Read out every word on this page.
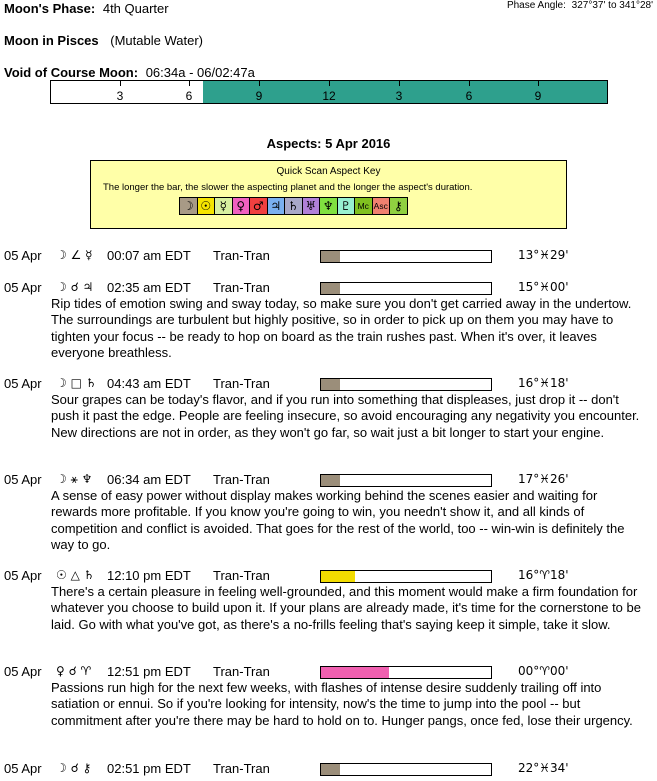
Moon's Phase: 4th Quarter	Phase Angle: 327°37' to 341°28'
Moon in Pisces (Mutable Water)
Void of Course Moon: 06:34a - 06/02:47a
3	6	9	12	3	6	9
Aspects: 5 Apr 2016
Quick Scan Aspect Key
The longer the bar, the slower the aspecting planet and the longer the aspect's duration.
☽ ☉ ☿ ♀ ♂ ♃ ♄ ♅ ♆ ♇ Mc Asc ⚷
05 Apr ☽ ∠ ☿ 00:07 am EDT Tran-Tran	13°♓29'
05 Apr ☽ ☌ ♃ 02:35 am EDT Tran-Tran	15°♓00'
Rip tides of emotion swing and sway today, so make sure you don't get carried away in the undertow. The surroundings are turbulent but highly positive, so in order to pick up on them you may have to tighten your focus -- be ready to hop on board as the train rushes past. When it's over, it leaves everyone breathless.
05 Apr ☽ □ ♄ 04:43 am EDT Tran-Tran	16°♓18'
Sour grapes can be today's flavor, and if you run into something that displeases, just drop it -- don't push it past the edge. People are feeling insecure, so avoid encouraging any negativity you encounter. New directions are not in order, as they won't go far, so wait just a bit longer to start your engine.
05 Apr ☽ ⚹ ♆ 06:34 am EDT Tran-Tran	17°♓26'
A sense of easy power without display makes working behind the scenes easier and waiting for rewards more profitable. If you know you're going to win, you needn't show it, and all kinds of competition and conflict is avoided. That goes for the rest of the world, too -- win-win is definitely the way to go.
05 Apr ☉ △ ♄ 12:10 pm EDT Tran-Tran	16°♈18'
There's a certain pleasure in feeling well-grounded, and this moment would make a firm foundation for whatever you choose to build upon it. If your plans are already made, it's time for the cornerstone to be laid. Go with what you've got, as there's a no-frills feeling that's saying keep it simple, take it slow.
05 Apr ♀ ☌ ♈ 12:51 pm EDT Tran-Tran	00°♈00'
Passions run high for the next few weeks, with flashes of intense desire suddenly trailing off into satiation or ennui. So if you're looking for intensity, now's the time to jump into the pool -- but commitment after you're there may be hard to hold on to. Hunger pangs, once fed, lose their urgency.
05 Apr ☽ ☌ ⚷ 02:51 pm EDT Tran-Tran	22°♓34'
